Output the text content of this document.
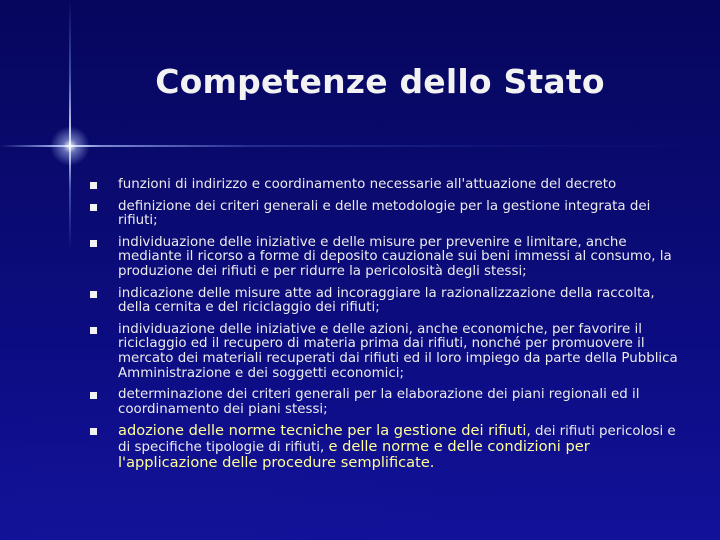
Competenze dello Stato
funzioni di indirizzo e coordinamento necessarie all'attuazione del decreto
definizione dei criteri generali e delle metodologie per la gestione integrata dei rifiuti;
individuazione delle iniziative e delle misure per prevenire e limitare, anche mediante il ricorso a forme di deposito cauzionale sui beni immessi al consumo, la produzione dei rifiuti e per ridurre la pericolosità degli stessi;
indicazione delle misure atte ad incoraggiare la razionalizzazione della raccolta, della cernita e del riciclaggio dei rifiuti;
individuazione delle iniziative e delle azioni, anche economiche, per favorire il riciclaggio ed il recupero di materia prima dai rifiuti, nonché per promuovere il mercato dei materiali recuperati dai rifiuti ed il loro impiego da parte della Pubblica Amministrazione e dei soggetti economici;
determinazione dei criteri generali per la elaborazione dei piani regionali ed il coordinamento dei piani stessi;
adozione delle norme tecniche per la gestione dei rifiuti, dei rifiuti pericolosi e di specifiche tipologie di rifiuti, e delle norme e delle condizioni per l'applicazione delle procedure semplificate.
